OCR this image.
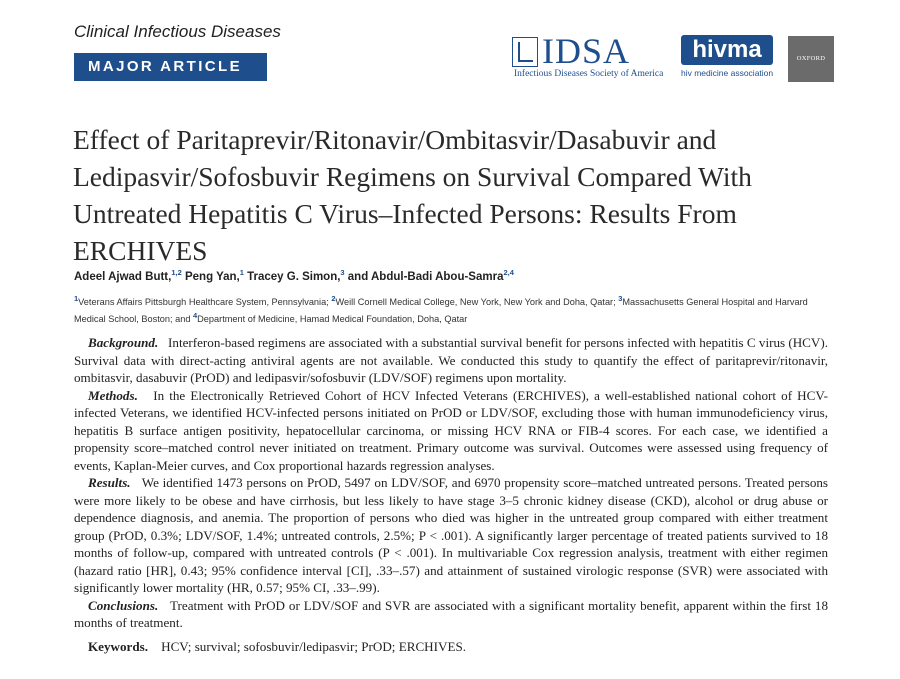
Clinical Infectious Diseases
MAJOR ARTICLE	IDSA
Infectious Diseases Society of America
hivma
hiv medicine association
OXFORD
Effect of Paritaprevir/Ritonavir/Ombitasvir/Dasabuvir and Ledipasvir/Sofosbuvir Regimens on Survival Compared With Untreated Hepatitis C Virus–Infected Persons: Results From ERCHIVES
Adeel Ajwad Butt,$^{1,2}$ Peng Yan,$^1$ Tracey G. Simon,$^3$ and Abdul-Badi Abou-Samra$^{2,4}$
$^1$Veterans Affairs Pittsburgh Healthcare System, Pennsylvania; $^2$Weill Cornell Medical College, New York, New York and Doha, Qatar; $^3$Massachusetts General Hospital and Harvard Medical School, Boston; and $^4$Department of Medicine, Hamad Medical Foundation, Doha, Qatar

Background. Interferon-based regimens are associated with a substantial survival benefit for persons infected with hepatitis C virus (HCV). Survival data with direct-acting antiviral agents are not available. We conducted this study to quantify the effect of paritaprevir/ritonavir, ombitasvir, dasabuvir (PrOD) and ledipasvir/sofosbuvir (LDV/SOF) regimens upon mortality.

Methods. In the Electronically Retrieved Cohort of HCV Infected Veterans (ERCHIVES), a well-established national cohort of HCV-infected Veterans, we identified HCV-infected persons initiated on PrOD or LDV/SOF, excluding those with human immunodeficiency virus, hepatitis B surface antigen positivity, hepatocellular carcinoma, or missing HCV RNA or FIB-4 scores. For each case, we identified a propensity score–matched control never initiated on treatment. Primary outcome was survival. Outcomes were assessed using frequency of events, Kaplan-Meier curves, and Cox proportional hazards regression analyses.

Results. We identified 1473 persons on PrOD, 5497 on LDV/SOF, and 6970 propensity score–matched untreated persons. Treated persons were more likely to be obese and have cirrhosis, but less likely to have stage 3–5 chronic kidney disease (CKD), alcohol or drug abuse or dependence diagnosis, and anemia. The proportion of persons who died was higher in the untreated group compared with either treatment group (PrOD, 0.3%; LDV/SOF, 1.4%; untreated controls, 2.5%; P < .001). A significantly larger percentage of treated patients survived to 18 months of follow-up, compared with untreated controls (P < .001). In multivariable Cox regression analysis, treatment with either regimen (hazard ratio [HR], 0.43; 95% confidence interval [CI], .33–.57) and attainment of sustained virologic response (SVR) were associated with significantly lower mortality (HR, 0.57; 95% CI, .33–.99).

Conclusions. Treatment with PrOD or LDV/SOF and SVR are associated with a significant mortality benefit, apparent within the first 18 months of treatment.

Keywords. HCV; survival; sofosbuvir/ledipasvir; PrOD; ERCHIVES.
